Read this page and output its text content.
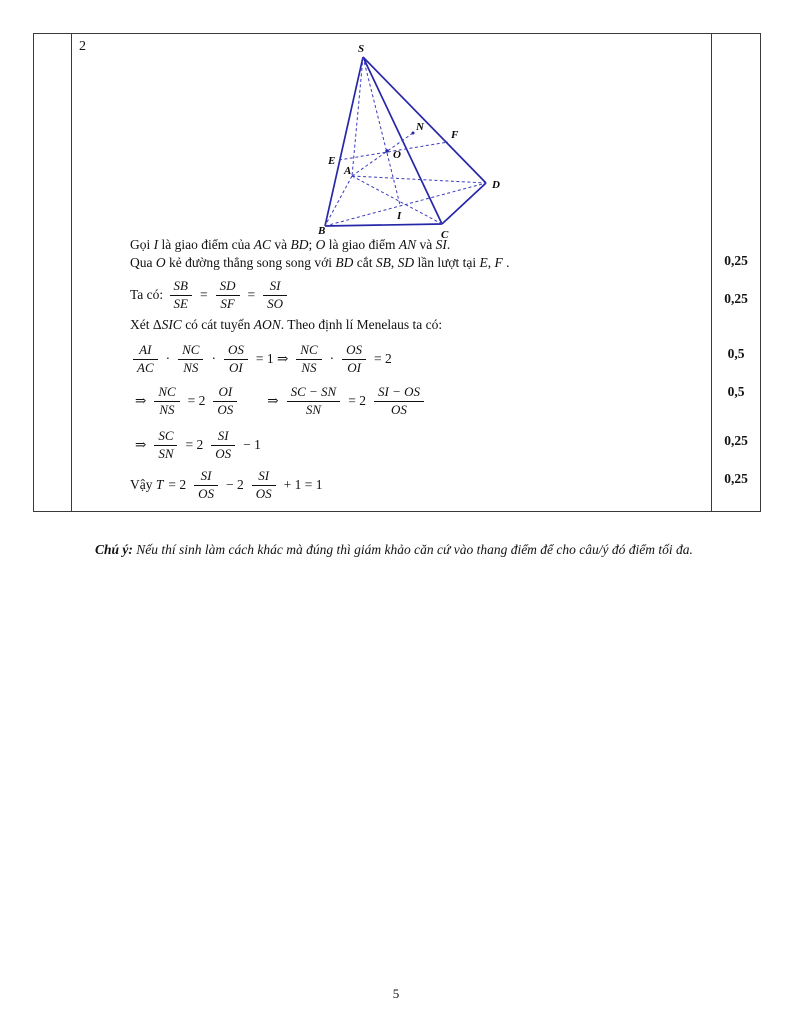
2	S
B	C
D
A
E
F
N
O
I
Gọi I là giao điểm của AC và BD; O là giao điểm AN và SI.
Qua O kẻ đường thẳng song song với BD cắt SB, SD lần lượt tại E, F .
Ta có: $\frac{SB}{SE} = \frac{SD}{SF} = \frac{SI}{SO}$
Xét Δ SIC có cát tuyến AON . Theo định lí Menelaus ta có:
$\frac{AI}{AC} \cdot \frac{NC}{NS} \cdot \frac{OS}{OI} = 1$ ⇒ $\frac{NC}{NS} \cdot \frac{OS}{OI} = 2$
⇒ $\frac{NC}{NS} = 2 \frac{OI}{OS}$ ⇒ $\frac{SC - SN}{SN} = 2 \frac{SI - OS}{OS}$
⇒ $\frac{SC}{SN} = 2 \frac{SI}{OS} - 1$
Vậy $T = 2 \frac{SI}{OS} - 2 \frac{SI}{OS} + 1 = 1$
0,25
0,25
0,5
0,5
0,25
0,25
Chú ý: Nếu thí sinh làm cách khác mà đúng thì giám khảo căn cứ vào thang điểm để cho câu/ý đó điểm tối đa.
5
